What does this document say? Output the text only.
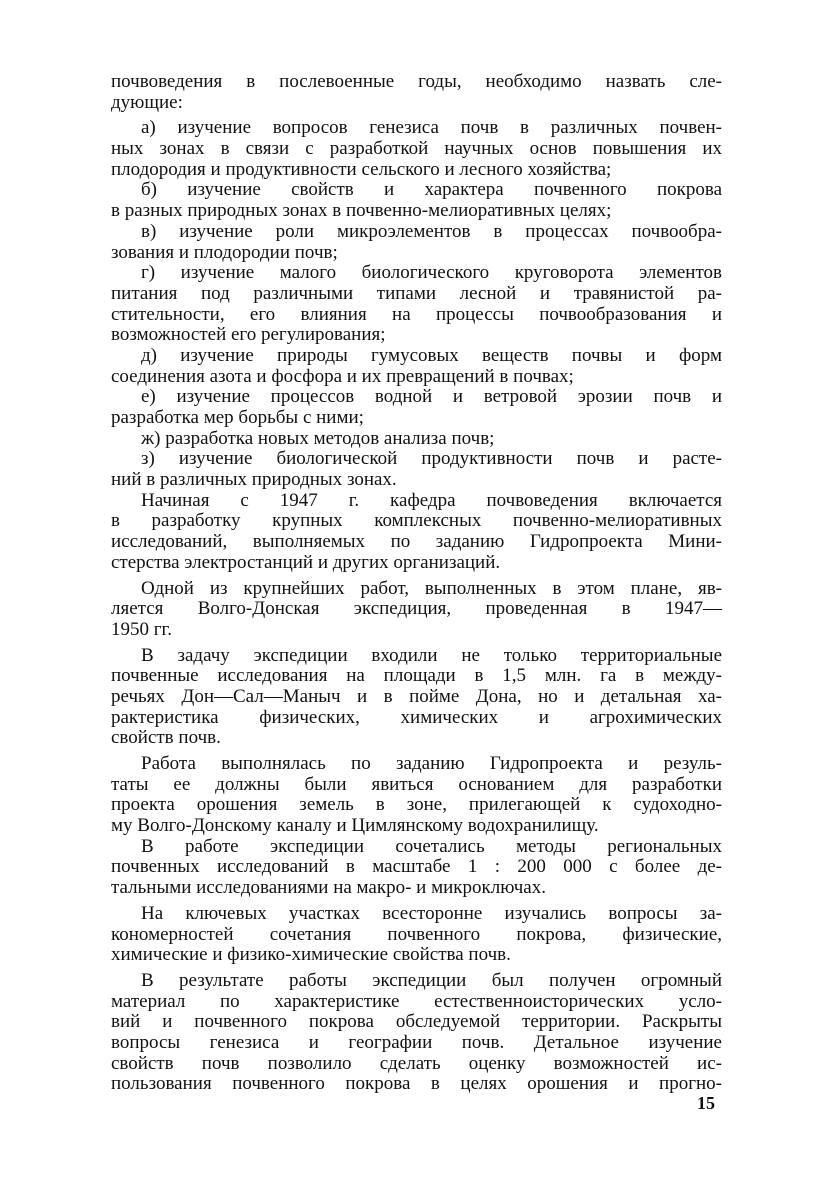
почвоведения в послевоенные годы, необходимо назвать сле-
дующие:
а) изучение вопросов генезиса почв в различных почвен-
ных зонах в связи с разработкой научных основ повышения их
плодородия и продуктивности сельского и лесного хозяйства;
б) изучение свойств и характера почвенного покрова
в разных природных зонах в почвенно-мелиоративных целях;
в) изучение роли микроэлементов в процессах почвообра-
зования и плодородии почв;
г) изучение малого биологического круговорота элементов
питания под различными типами лесной и травянистой ра-
стительности, его влияния на процессы почвообразования и
возможностей его регулирования;
д) изучение природы гумусовых веществ почвы и форм
соединения азота и фосфора и их превращений в почвах;
е) изучение процессов водной и ветровой эрозии почв и
разработка мер борьбы с ними;
ж) разработка новых методов анализа почв;
з) изучение биологической продуктивности почв и расте-
ний в различных природных зонах.
Начиная с 1947 г. кафедра почвоведения включается
в разработку крупных комплексных почвенно-мелиоративных
исследований, выполняемых по заданию Гидропроекта Мини-
стерства электростанций и других организаций.
Одной из крупнейших работ, выполненных в этом плане, яв-
ляется Волго-Донская экспедиция, проведенная в 1947—
1950 гг.
В задачу экспедиции входили не только территориальные
почвенные исследования на площади в 1,5 млн. га в между-
речьях Дон—Сал—Маныч и в пойме Дона, но и детальная ха-
рактеристика физических, химических и агрохимических
свойств почв.
Работа выполнялась по заданию Гидропроекта и резуль-
таты ее должны были явиться основанием для разработки
проекта орошения земель в зоне, прилегающей к судоходно-
му Волго-Донскому каналу и Цимлянскому водохранилищу.
В работе экспедиции сочетались методы региональных
почвенных исследований в масштабе 1 : 200 000 с более де-
тальными исследованиями на макро- и микроключах.
На ключевых участках всесторонне изучались вопросы за-
кономерностей сочетания почвенного покрова, физические,
химические и физико-химические свойства почв.
В результате работы экспедиции был получен огромный
материал по характеристике естественноисторических усло-
вий и почвенного покрова обследуемой территории. Раскрыты
вопросы генезиса и географии почв. Детальное изучение
свойств почв позволило сделать оценку возможностей ис-
пользования почвенного покрова в целях орошения и прогно-
15
